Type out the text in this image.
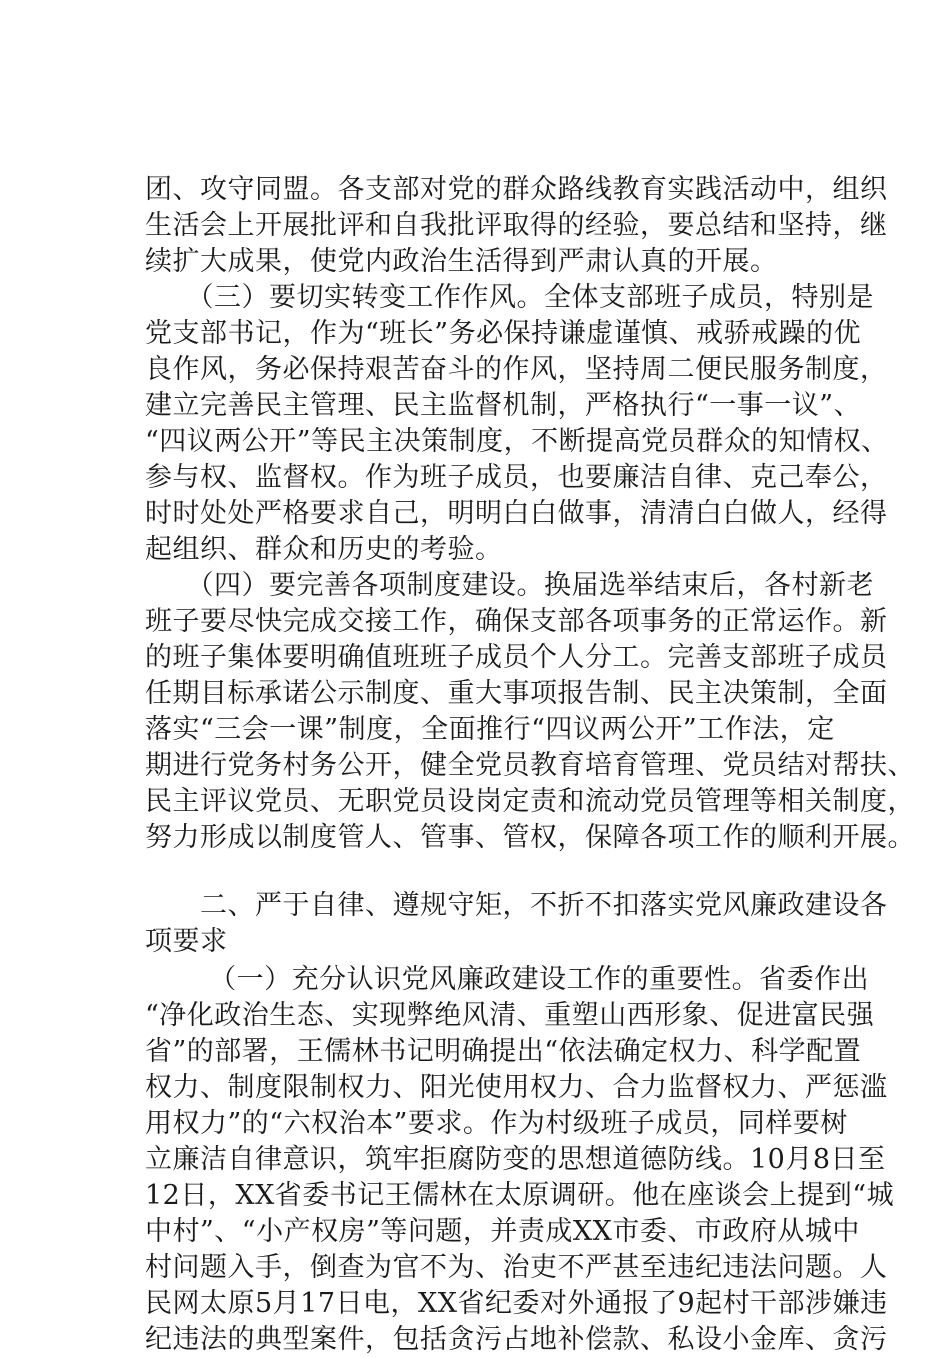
团、攻守同盟。各支部对党的群众路线教育实践活动中，组织
生活会上开展批评和自我批评取得的经验，要总结和坚持，继
续扩大成果，使党内政治生活得到严肃认真的开展。
　　（三）要切实转变工作作风。全体支部班子成员，特别是
党支部书记，作为“班长”务必保持谦虚谨慎、戒骄戒躁的优
良作风，务必保持艰苦奋斗的作风，坚持周二便民服务制度，
建立完善民主管理、民主监督机制，严格执行“一事一议”、
“四议两公开”等民主决策制度，不断提高党员群众的知情权、
参与权、监督权。作为班子成员，也要廉洁自律、克己奉公，
时时处处严格要求自己，明明白白做事，清清白白做人，经得
起组织、群众和历史的考验。
　　（四）要完善各项制度建设。换届选举结束后，各村新老
班子要尽快完成交接工作，确保支部各项事务的正常运作。新
的班子集体要明确值班班子成员个人分工。完善支部班子成员
任期目标承诺公示制度、重大事项报告制、民主决策制，全面
落实“三会一课”制度，全面推行“四议两公开”工作法，定
期进行党务村务公开，健全党员教育培育管理、党员结对帮扶、
民主评议党员、无职党员设岗定责和流动党员管理等相关制度，
努力形成以制度管人、管事、管权，保障各项工作的顺利开展。
　　二、严于自律、遵规守矩，不折不扣落实党风廉政建设各
项要求
　　 （一）充分认识党风廉政建设工作的重要性。省委作出
“净化政治生态、实现弊绝风清、重塑山西形象、促进富民强
省”的部署，王儒林书记明确提出“依法确定权力、科学配置
权力、制度限制权力、阳光使用权力、合力监督权力、严惩滥
用权力”的“六权治本”要求。作为村级班子成员，同样要树
立廉洁自律意识，筑牢拒腐防变的思想道德防线。10月8日至
12日，XX省委书记王儒林在太原调研。他在座谈会上提到“城
中村”、“小产权房”等问题，并责成XX市委、市政府从城中
村问题入手，倒查为官不为、治吏不严甚至违纪违法问题。人
民网太原5月17日电，XX省纪委对外通报了9起村干部涉嫌违
纪违法的典型案件，包括贪污占地补偿款、私设小金库、贪污
